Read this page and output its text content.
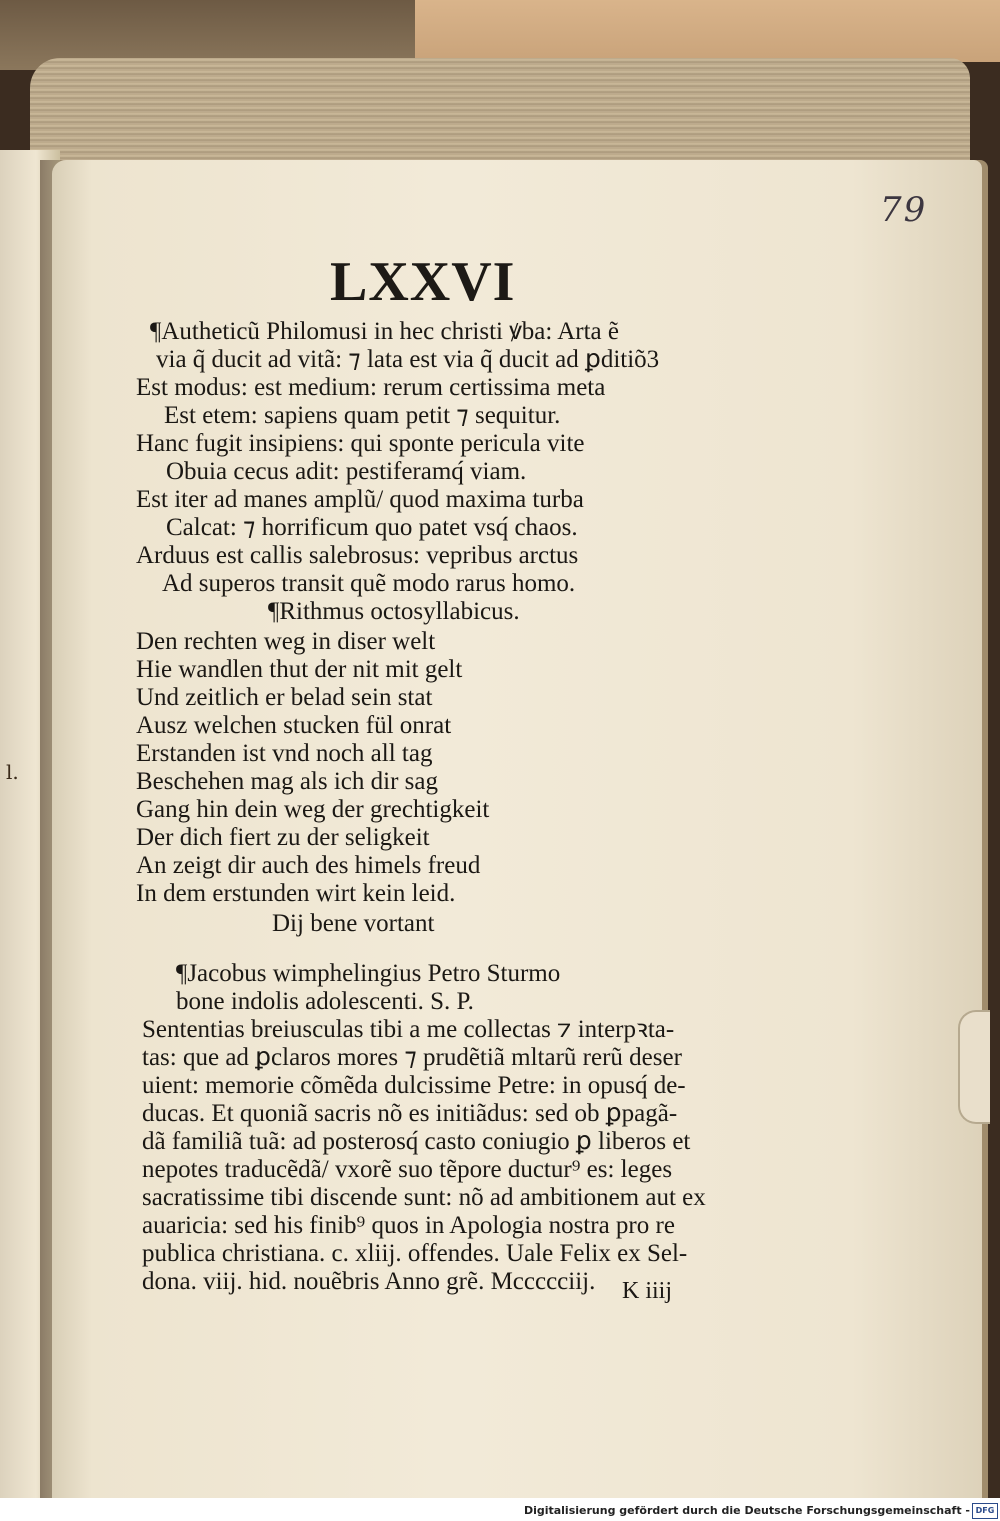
l.
79
LXXVI
¶Autheticũ Philomusi in hec christi ꝟba: Arta ẽ
via q̃ ducit ad vitã: ⁊ lata est via q̃ ducit ad ꝑditiõ3
Est modus: est medium: rerum certissima meta
Est etem: sapiens quam petit ⁊ sequitur.
Hanc fugit insipiens: qui sponte pericula vite
Obuia cecus adit: pestiferamq́ viam.
Est iter ad manes amplũ/ quod maxima turba
Calcat: ⁊ horrificum quo patet vsq́ chaos.
Arduus est callis salebrosus: vepribus arctus
Ad superos transit quẽ modo rarus homo.
¶Rithmus octosyllabicus.
Den rechten weg in diser welt
Hie wandlen thut der nit mit gelt
Und zeitlich er belad sein stat
Ausz welchen stucken fül onrat
Erstanden ist vnd noch all tag
Beschehen mag als ich dir sag
Gang hin dein weg der grechtigkeit
Der dich fiert zu der seligkeit
An zeigt dir auch des himels freud
In dem erstunden wirt kein leid.
Dij bene vortant
¶Jacobus wimphelingius Petro Sturmo
bone indolis adolescenti. S. P.
Sententias breiusculas tibi a me collectas ⁊ interpꝛta-
tas: que ad ꝑclaros mores ⁊ prudẽtiã mltarũ rerũ deser
uient: memorie cõmẽda dulcissime Petre: in opusq́ de-
ducas. Et quoniã sacris nõ es initiãdus: sed ob ꝑpagã-
dã familiã tuã: ad posterosq́ casto coniugio ꝑ liberos et
nepotes traducẽdã/ vxorẽ suo tẽpore ductur⁹ es: leges
sacratissime tibi discende sunt: nõ ad ambitionem aut ex
auaricia: sed his finib⁹ quos in Apologia nostra pro re
publica christiana. c. xliij. offendes. Uale Felix ex Sel-
dona. viij. hid. nouẽbris Anno grẽ. Mccccciij. K iiij
Digitalisierung gefördert durch die Deutsche Forschungsgemeinschaft - DFG
